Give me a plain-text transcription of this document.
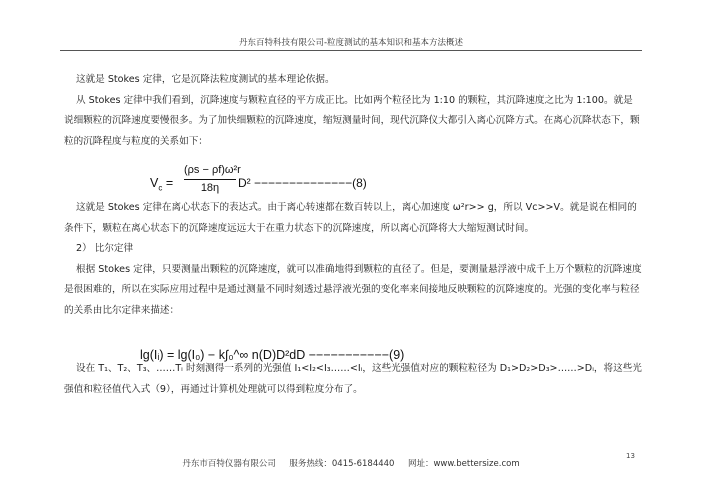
丹东百特科技有限公司-粒度测试的基本知识和基本方法概述

这就是 Stokes 定律，它是沉降法粒度测试的基本理论依据。

从 Stokes 定律中我们看到，沉降速度与颗粒直径的平方成正比。比如两个粒径比为 1:10 的颗粒，其沉降速度之比为 1:100。就是说细颗粒的沉降速度要慢很多。为了加快细颗粒的沉降速度，缩短测量时间，现代沉降仪大都引入离心沉降方式。在离心沉降状态下，颗粒的沉降程度与粒度的关系如下：

这就是 Stokes 定律在离心状态下的表达式。由于离心转速都在数百转以上，离心加速度 ω²r>> g，所以 Vc>>V。就是说在相同的条件下，颗粒在离心状态下的沉降速度远远大于在重力状态下的沉降速度，所以离心沉降将大大缩短测试时间。

2） 比尔定律

根据 Stokes 定律，只要测量出颗粒的沉降速度，就可以准确地得到颗粒的直径了。但是，要测量悬浮液中成千上万个颗粒的沉降速度是很困难的，所以在实际应用过程中是通过测量不同时刻透过悬浮液光强的变化率来间接地反映颗粒的沉降速度的。光强的变化率与粒径的关系由比尔定律来描述：

设在 T₁、T₂、T₃、……Tᵢ 时刻测得一系列的光强值 I₁<I₂<I₃……<Iᵢ，这些光强值对应的颗粒粒径为 D₁>D₂>D₃>……>Dᵢ，将这些光强值和粒径值代入式（9），再通过计算机处理就可以得到粒度分布了。

$V_c$ =
(ρs − ρf)ω²r
18η	D² −−−−−−−−−−−−−−(8)
lg(Iᵢ) = lg(I₀) − k∫₀^∞ n(D)D²dD −−−−−−−−−−−(9)
丹东市百特仪器有限公司     服务热线：0415-6184440     网址：www.bettersize.com
13
